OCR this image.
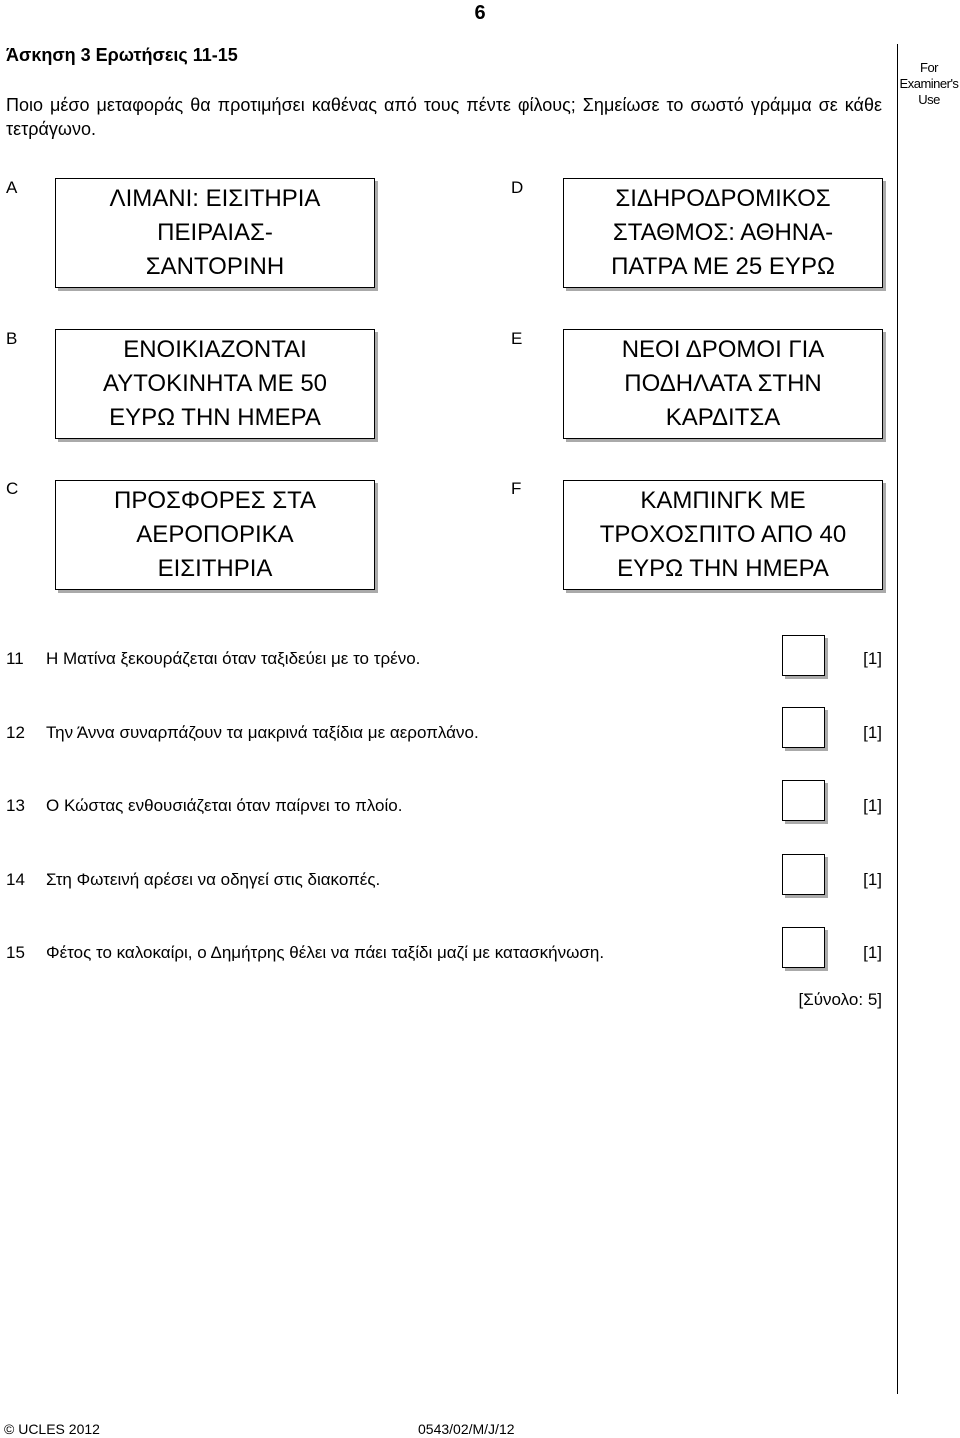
6
Άσκηση 3 Ερωτήσεις 11-15
Ποιο μέσο μεταφοράς θα προτιμήσει καθένας από τους πέντε φίλους; Σημείωσε το σωστό γράμμα σε κάθε τετράγωνο.
For
Examiner's
Use
A	ΛΙΜΑΝΙ: ΕΙΣΙΤΗΡΙΑ
ΠΕΙΡΑΙΑΣ-
ΣΑΝΤΟΡΙΝΗ
D	ΣΙΔΗΡΟΔΡΟΜΙΚΟΣ
ΣΤΑΘΜΟΣ: ΑΘΗΝΑ-
ΠΑΤΡΑ ΜΕ 25 ΕΥΡΩ
B	ΕΝΟΙΚΙΑΖΟΝΤΑΙ
ΑΥΤΟΚΙΝΗΤΑ ΜΕ 50
ΕΥΡΩ ΤΗΝ ΗΜΕΡΑ
E	ΝΕΟΙ ΔΡΟΜΟΙ ΓΙΑ
ΠΟΔΗΛΑΤΑ ΣΤΗΝ
ΚΑΡΔΙΤΣΑ
C	ΠΡΟΣΦΟΡΕΣ ΣΤΑ
ΑΕΡΟΠΟΡΙΚΑ
ΕΙΣΙΤΗΡΙΑ
F	ΚΑΜΠΙΝΓΚ ΜΕ
ΤΡΟΧΟΣΠΙΤΟ ΑΠΟ 40
ΕΥΡΩ ΤΗΝ ΗΜΕΡΑ
11 Η Ματίνα ξεκουράζεται όταν ταξιδεύει με το τρένο.	[1]
12 Την Άννα συναρπάζουν τα μακρινά ταξίδια με αεροπλάνο.	[1]
13 Ο Κώστας ενθουσιάζεται όταν παίρνει το πλοίο.	[1]
14 Στη Φωτεινή αρέσει να οδηγεί στις διακοπές.	[1]
15 Φέτος το καλοκαίρι, ο Δημήτρης θέλει να πάει ταξίδι μαζί με κατασκήνωση.	[1]
[Σύνολο: 5]
© UCLES 2012	0543/02/M/J/12
